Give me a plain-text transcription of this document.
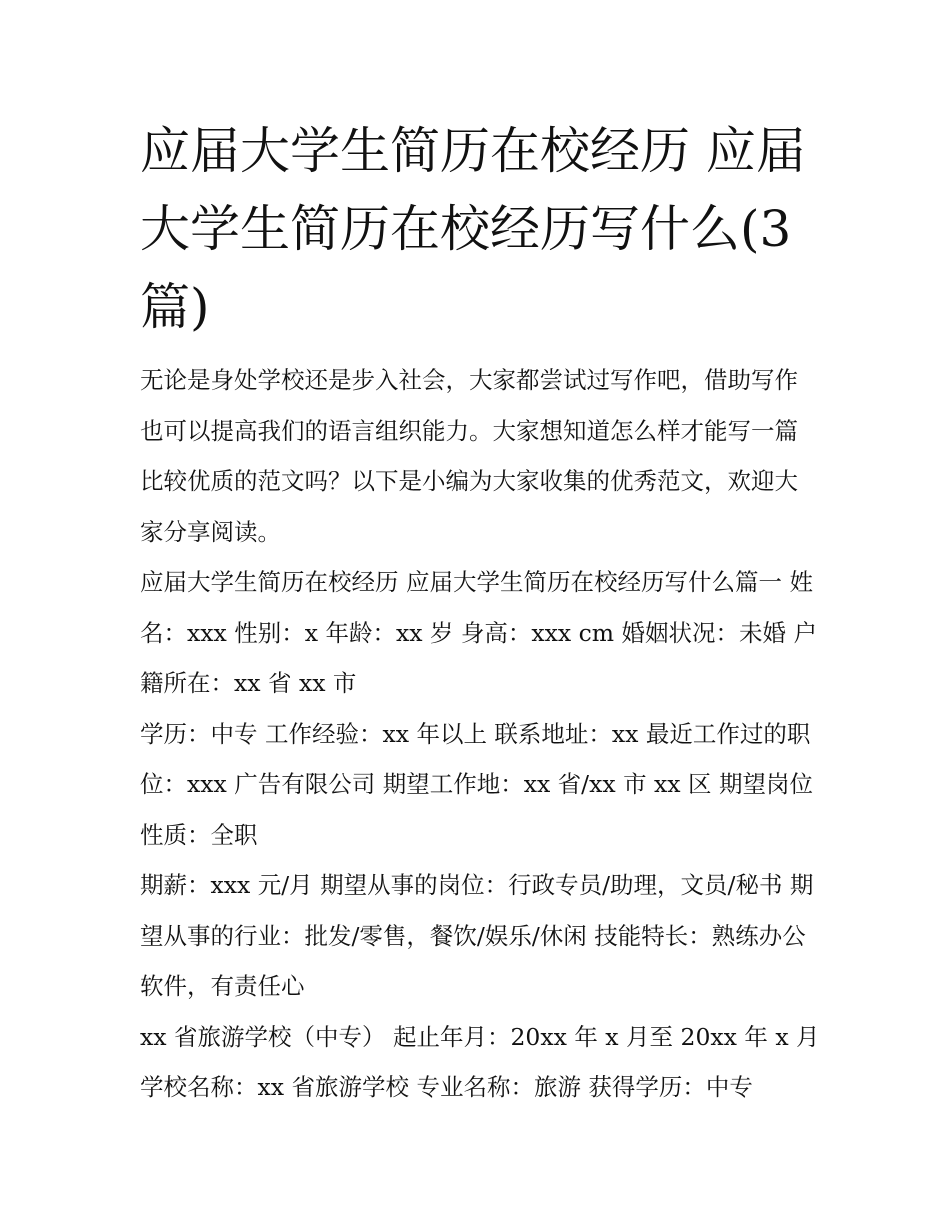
应届大学生简历在校经历 应届大学生简历在校经历写什么(3篇)

无论是身处学校还是步入社会，大家都尝试过写作吧，借助写作也可以提高我们的语言组织能力。大家想知道怎么样才能写一篇比较优质的范文吗？以下是小编为大家收集的优秀范文，欢迎大家分享阅读。

应届大学生简历在校经历 应届大学生简历在校经历写什么篇一 姓名：xxx 性别：x 年龄：xx 岁 身高：xxx cm 婚姻状况：未婚 户籍所在：xx 省 xx 市

学历：中专 工作经验：xx 年以上 联系地址：xx 最近工作过的职位：xxx 广告有限公司 期望工作地：xx 省/xx 市 xx 区 期望岗位性质：全职

期薪：xxx 元/月 期望从事的岗位：行政专员/助理，文员/秘书 期望从事的行业：批发/零售，餐饮/娱乐/休闲 技能特长：熟练办公软件，有责任心

xx 省旅游学校（中专） 起止年月：20xx 年 x 月至 20xx 年 x 月 学校名称：xx 省旅游学校 专业名称：旅游 获得学历：中专
